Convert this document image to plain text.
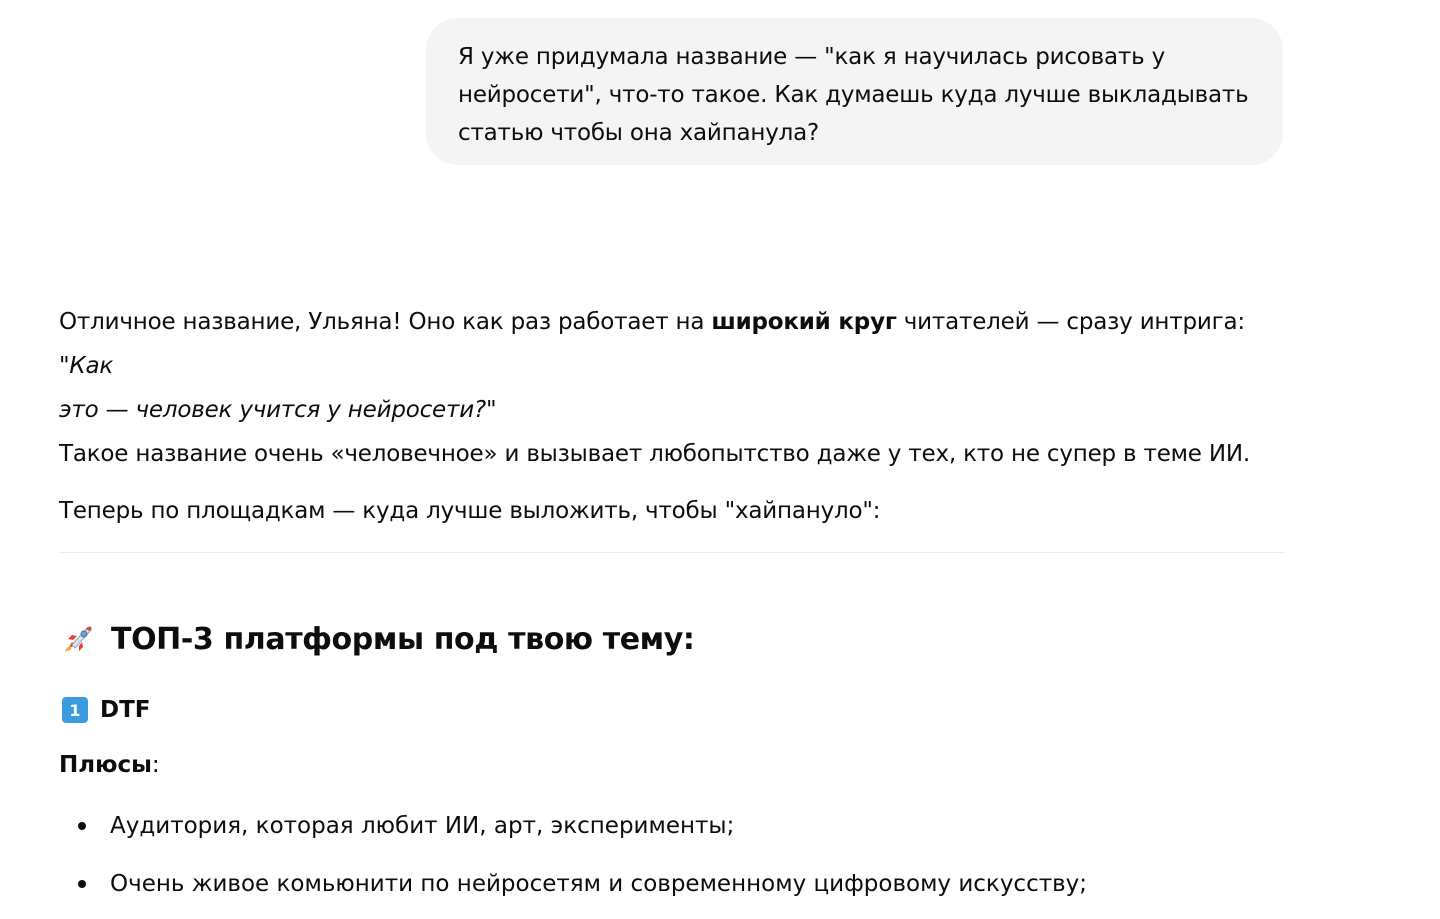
Я уже придумала название — "как я научилась рисовать у
нейросети", что-то такое. Как думаешь куда лучше выкладывать
статью чтобы она хайпанула?

Отличное название, Ульяна! Оно как раз работает на широкий круг читателей — сразу интрига: "Как
это — человек учится у нейросети?"

Такое название очень «человечное» и вызывает любопытство даже у тех, кто не супер в теме ИИ.

Теперь по площадкам — куда лучше выложить, чтобы "хайпануло":

ТОП-3 платформы под твою тему:
1 DTF
Плюсы:
Аудитория, которая любит ИИ, арт, эксперименты;
Очень живое комьюнити по нейросетям и современному цифровому искусству;
